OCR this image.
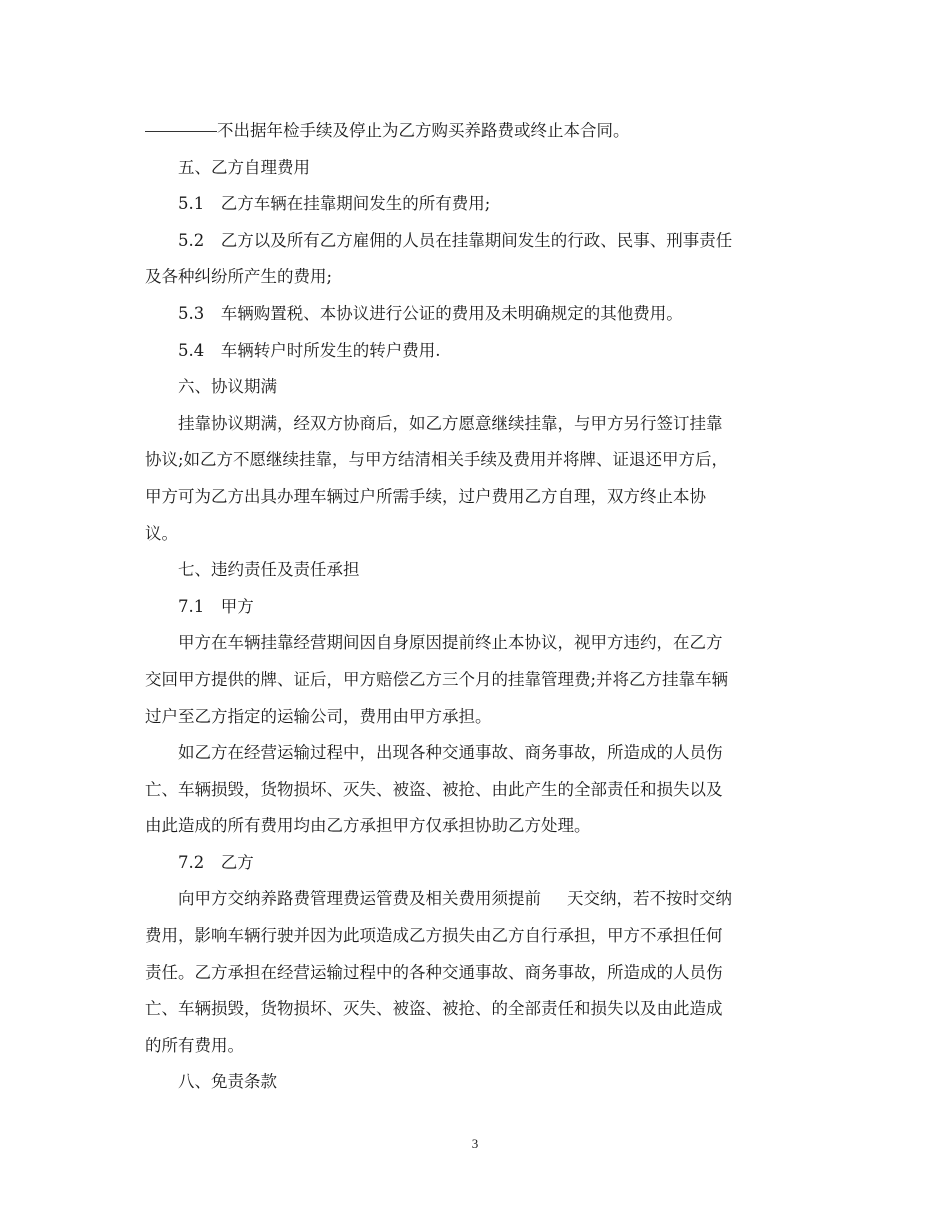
不出据年检手续及停止为乙方购买养路费或终止本合同。

五、乙方自理费用

5.1　乙方车辆在挂靠期间发生的所有费用;

5.2　乙方以及所有乙方雇佣的人员在挂靠期间发生的行政、民事、刑事责任

及各种纠纷所产生的费用;

5.3　车辆购置税、本协议进行公证的费用及未明确规定的其他费用。

5.4　车辆转户时所发生的转户费用.

六、协议期满

挂靠协议期满，经双方协商后，如乙方愿意继续挂靠，与甲方另行签订挂靠

协议;如乙方不愿继续挂靠，与甲方结清相关手续及费用并将牌、证退还甲方后，

甲方可为乙方出具办理车辆过户所需手续，过户费用乙方自理，双方终止本协

议。

七、违约责任及责任承担

7.1　甲方

甲方在车辆挂靠经营期间因自身原因提前终止本协议，视甲方违约，在乙方

交回甲方提供的牌、证后，甲方赔偿乙方三个月的挂靠管理费;并将乙方挂靠车辆

过户至乙方指定的运输公司，费用由甲方承担。

如乙方在经营运输过程中，出现各种交通事故、商务事故，所造成的人员伤

亡、车辆损毁，货物损坏、灭失、被盗、被抢、由此产生的全部责任和损失以及

由此造成的所有费用均由乙方承担甲方仅承担协助乙方处理。

7.2　乙方

向甲方交纳养路费管理费运管费及相关费用须提前 天交纳，若不按时交纳

费用，影响车辆行驶并因为此项造成乙方损失由乙方自行承担，甲方不承担任何

责任。乙方承担在经营运输过程中的各种交通事故、商务事故，所造成的人员伤

亡、车辆损毁，货物损坏、灭失、被盗、被抢、的全部责任和损失以及由此造成

的所有费用。

八、免责条款

3
